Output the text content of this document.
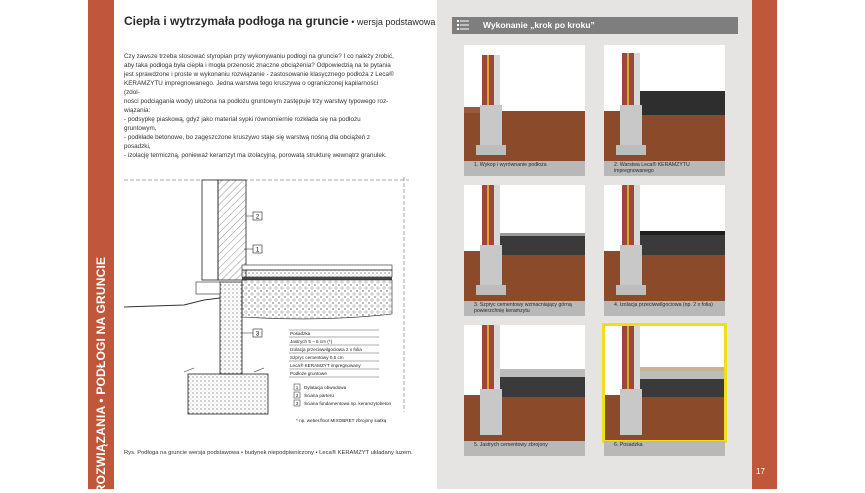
ROZWIĄZANIA • PODŁOGI NA GRUNCIE
Ciepła i wytrzymała podłoga na gruncie • wersja podstawowa

Czy zawsze trzeba stosować styropian przy wykonywaniu podłogi na gruncie? I co należy zrobić,

aby taka podłoga była ciepła i mogła przenosić znaczne obciążenia? Odpowiedzią na te pytania

jest sprawdzone i proste w wykonaniu rozwiązanie - zastosowanie klasycznego podłoża z Leca®

KERAMZYTU impregnowanego. Jedna warstwa tego kruszywa o ograniczonej kapilarności (zdol-

ności podciągania wody) ułożona na podłożu gruntowym zastępuje trzy warstwy typowego roz-

wiązania:

- podsypkę piaskową, gdyż jako materiał sypki równomiernie rozkłada się na podłożu gruntowym,

- podkłade betonowe, bo zagęszczone kruszywo staje się warstwą nośną dla obciążeń z posadzki,

- izolację termiczną, ponieważ keramzyt ma izolacyjną, porowatą strukturę wewnątrz granulek.

2
1
3	Posadzka
Jastrych 5 – 6 cm (*)
Izolacja przeciwwilgociowa 2 x folia
Szpryc cementowy 0,5 cm
Leca® KERAMZYT impregnowany
Podłoże gruntowe
1 Dylatacja obwodowa
2 Ściana parteru
3 Ściana fundamentowa np. keramzytobeton
* np. weber.floor MIXOBRET zbrojony siatką
Rys. Podłoga na gruncie wersja podstawowa • budynek niepodpiwniczony • Leca® KERAMZYT układany luzem.
Wykonanie „krok po kroku”
1. Wykop i wyrównanie podłoża	2. Warstwa Leca® KERAMZYTU impregnowanego
3. Szpryc cementowy wzmacniający górną powierzchnię keramzytu
4. Izolacja przeciwwilgociowa (np. 2 x folia)
5. Jastrych cementowy zbrojony	6. Posadzka
17
